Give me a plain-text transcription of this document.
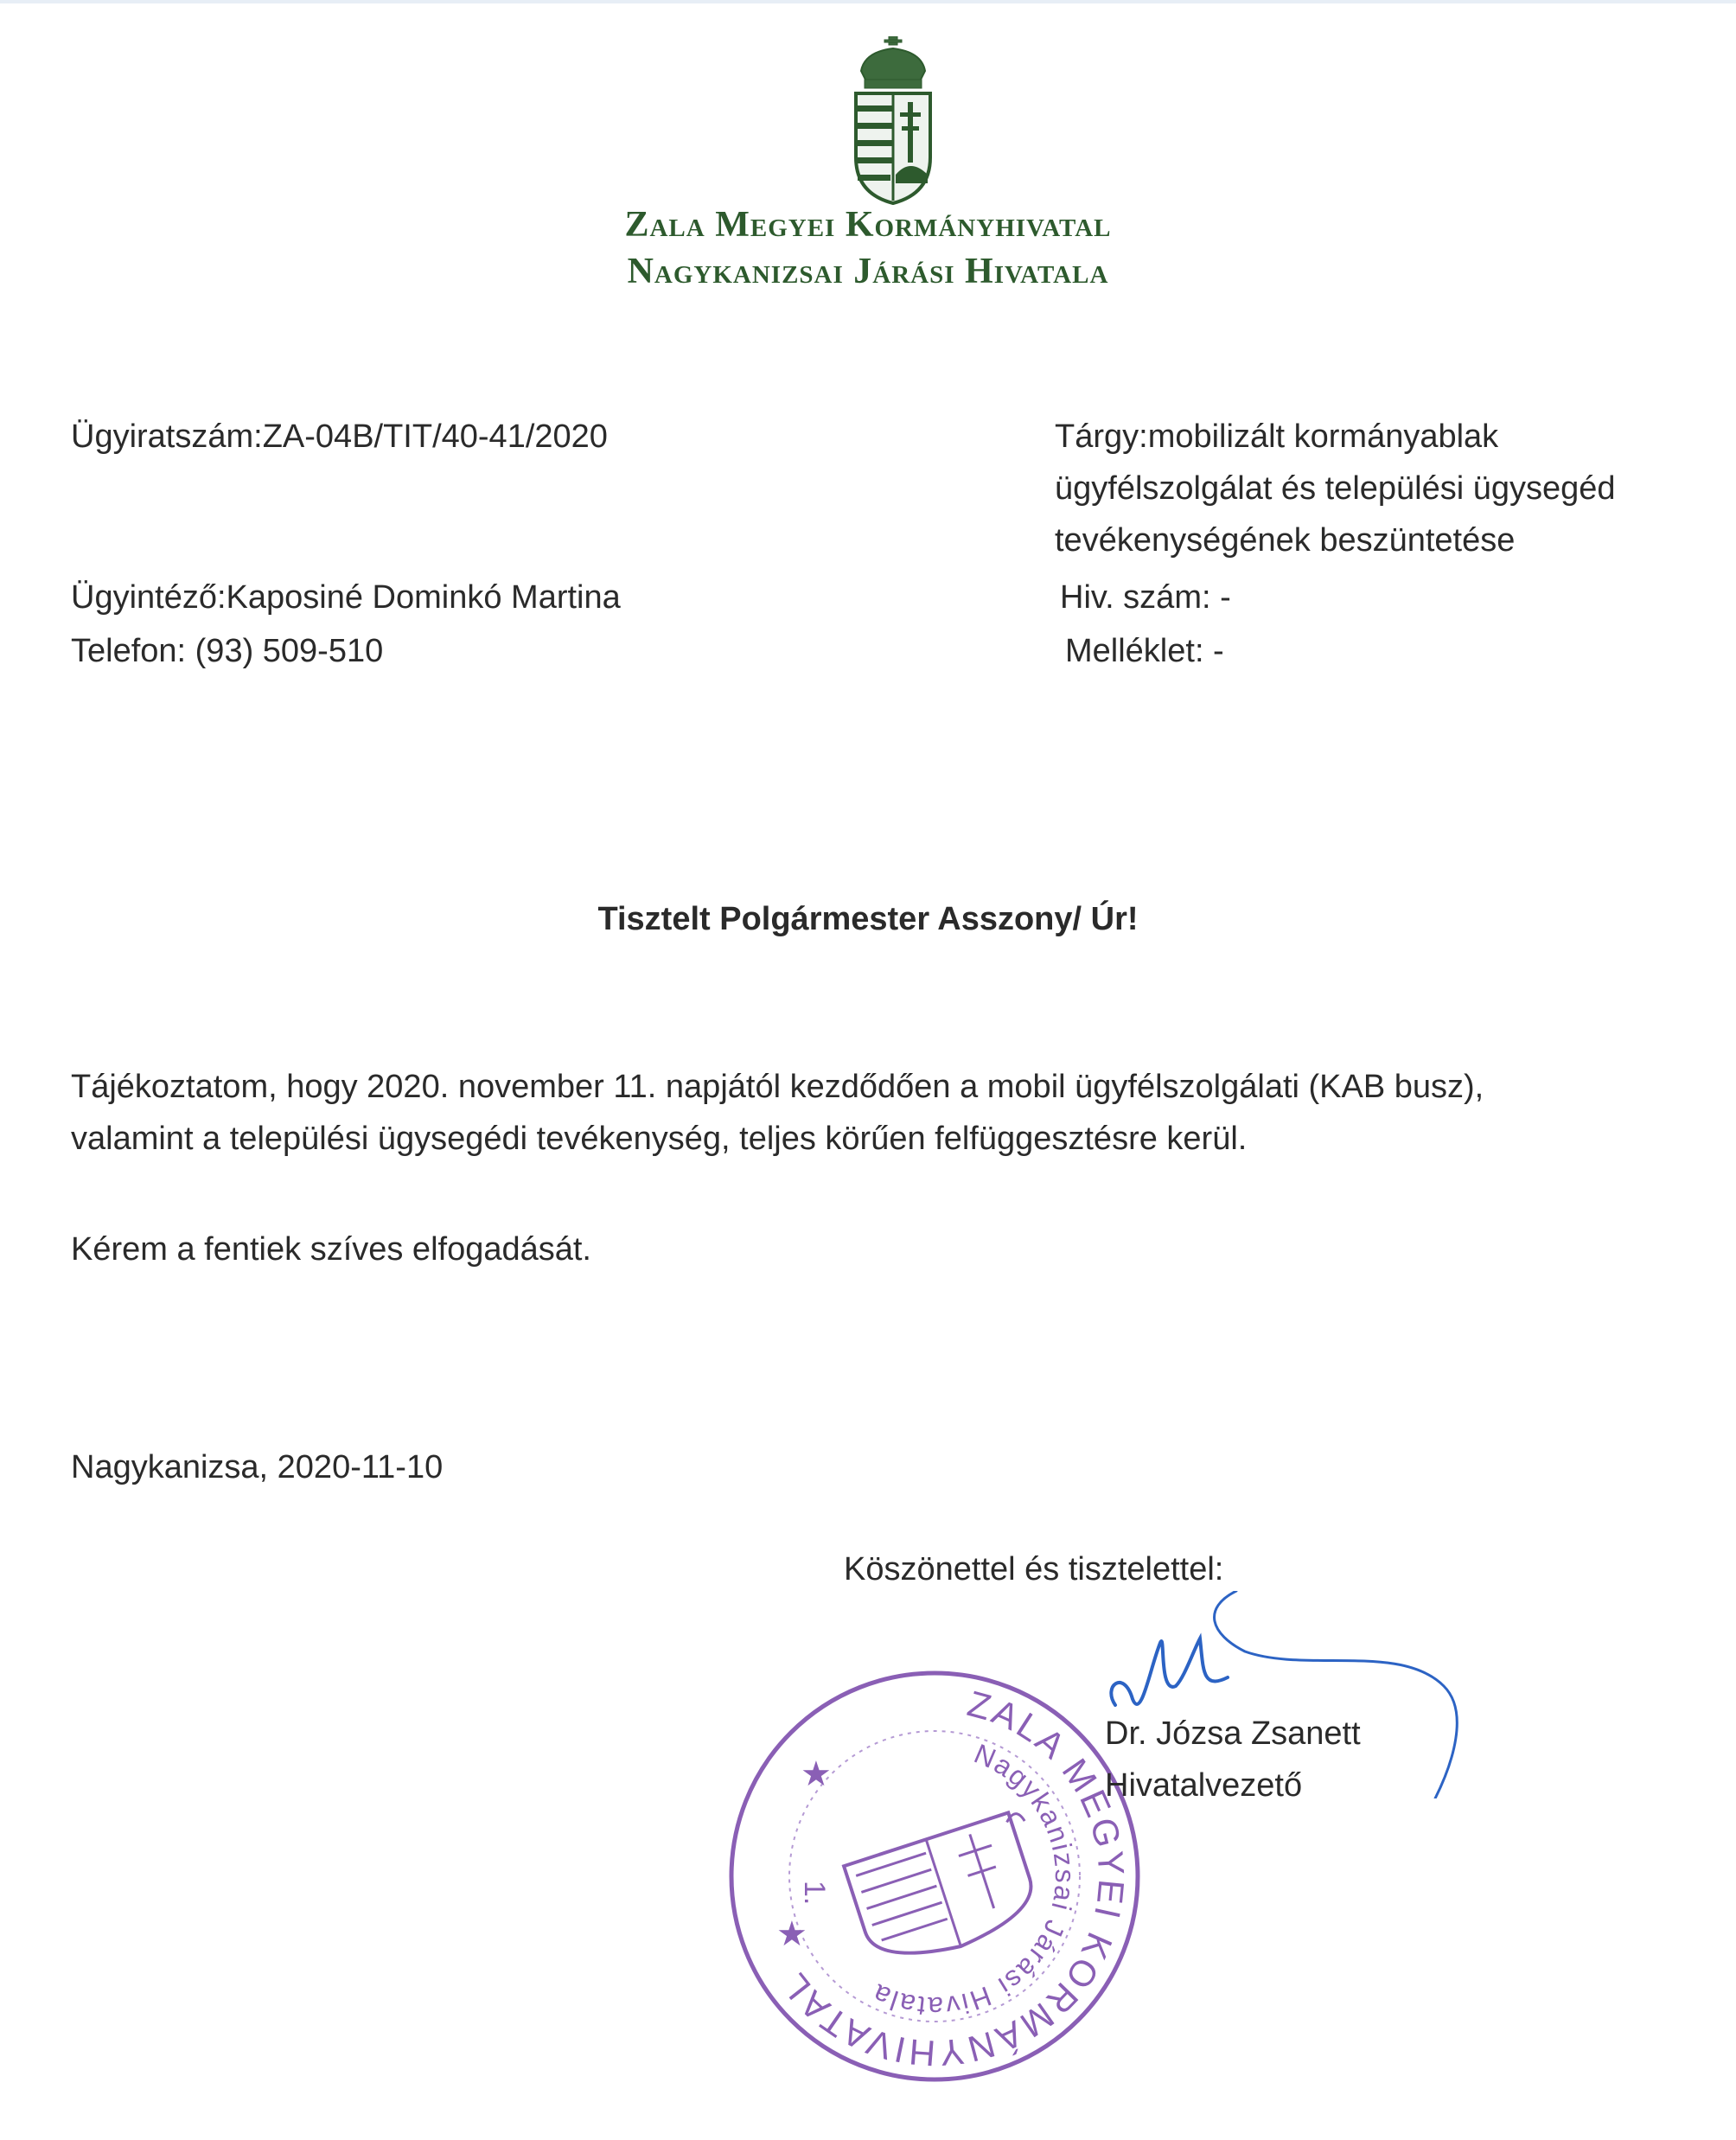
Zala Megyei Kormányhivatal
Nagykanizsai Járási Hivatala
Ügyiratszám:ZA-04B/TIT/40-41/2020
Ügyintéző:Kaposiné Dominkó Martina
Telefon: (93) 509-510
Tárgy:mobilizált kormányablak
ügyfélszolgálat és települési ügysegéd
tevékenységének beszüntetése
Hiv. szám: -
Melléklet: -
Tisztelt Polgármester Asszony/ Úr!
Tájékoztatom, hogy 2020. november 11. napjától kezdődően a mobil ügyfélszolgálati (KAB busz),
valamint a települési ügysegédi tevékenység, teljes körűen felfüggesztésre kerül.
Kérem a fentiek szíves elfogadását.
Nagykanizsa, 2020-11-10
Köszönettel és tisztelettel:
ZALA MEGYEI KORMÁNYHIVATAL
Nagykanizsai Járási Hivatala
1.
★
★
Dr. Józsa Zsanett
Hivatalvezető
